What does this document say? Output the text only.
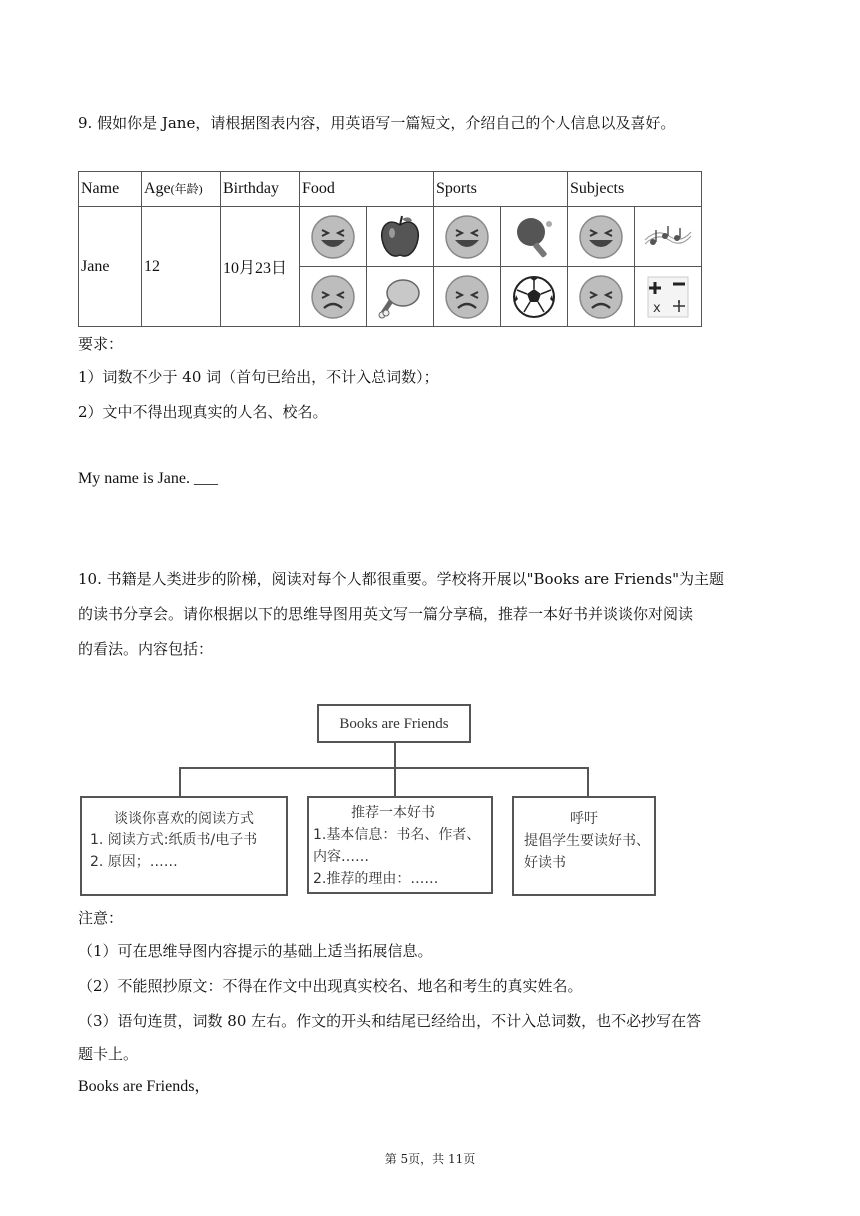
9. 假如你是 Jane，请根据图表内容，用英语写一篇短文，介绍自己的个人信息以及喜好。
Name	Age(年龄)	Birthday	Food		Sports		Subjects	
Jane	12	10月23日	

x
要求：
1）词数不少于 40 词（首句已给出，不计入总词数）；
2）文中不得出现真实的人名、校名。
My name is Jane. ___
10. 书籍是人类进步的阶梯，阅读对每个人都很重要。学校将开展以"Books are Friends"为主题
的读书分享会。请你根据以下的思维导图用英文写一篇分享稿，推荐一本好书并谈谈你对阅读
的看法。内容包括：
Books are Friends
谈谈你喜欢的阅读方式
1. 阅读方式:纸质书/电子书
2. 原因；……
推荐一本好书
1.基本信息：书名、作者、
内容……
2.推荐的理由：……
呼吁
提倡学生要读好书、
好读书
注意：
（1）可在思维导图内容提示的基础上适当拓展信息。
（2）不能照抄原文：不得在作文中出现真实校名、地名和考生的真实姓名。
（3）语句连贯，词数 80 左右。作文的开头和结尾已经给出，不计入总词数，也不必抄写在答
题卡上。
Books are Friends，
第 5页，共 11页
